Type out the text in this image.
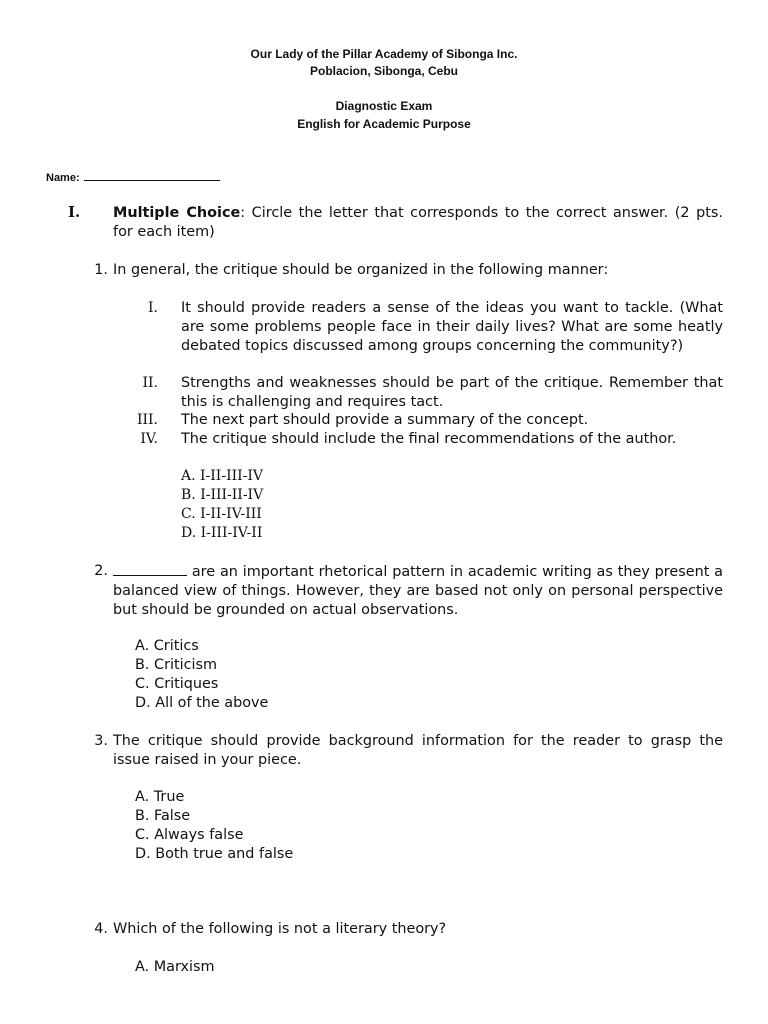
Our Lady of the Pillar Academy of Sibonga Inc.
Poblacion, Sibonga, Cebu
Diagnostic Exam
English for Academic Purpose
Name:
I. Multiple Choice: Circle the letter that corresponds to the correct answer. (2 pts. for each item)
1. In general, the critique should be organized in the following manner:
I. It should provide readers a sense of the ideas you want to tackle. (What are some problems people face in their daily lives? What are some heatly debated topics discussed among groups concerning the community?)
II. Strengths and weaknesses should be part of the critique. Remember that this is challenging and requires tact.
III. The next part should provide a summary of the concept.
IV. The critique should include the final recommendations of the author.
A. I-II-III-IV
B. I-III-II-IV
C. I-II-IV-III
D. I-III-IV-II
2.	are an important rhetorical pattern in academic writing as they present a balanced view of things. However, they are based not only on personal perspective but should be grounded on actual observations.
A. Critics
B. Criticism
C. Critiques
D. All of the above
3. The critique should provide background information for the reader to grasp the issue raised in your piece.
A. True
B. False
C. Always false
D. Both true and false
4. Which of the following is not a literary theory?
A. Marxism
